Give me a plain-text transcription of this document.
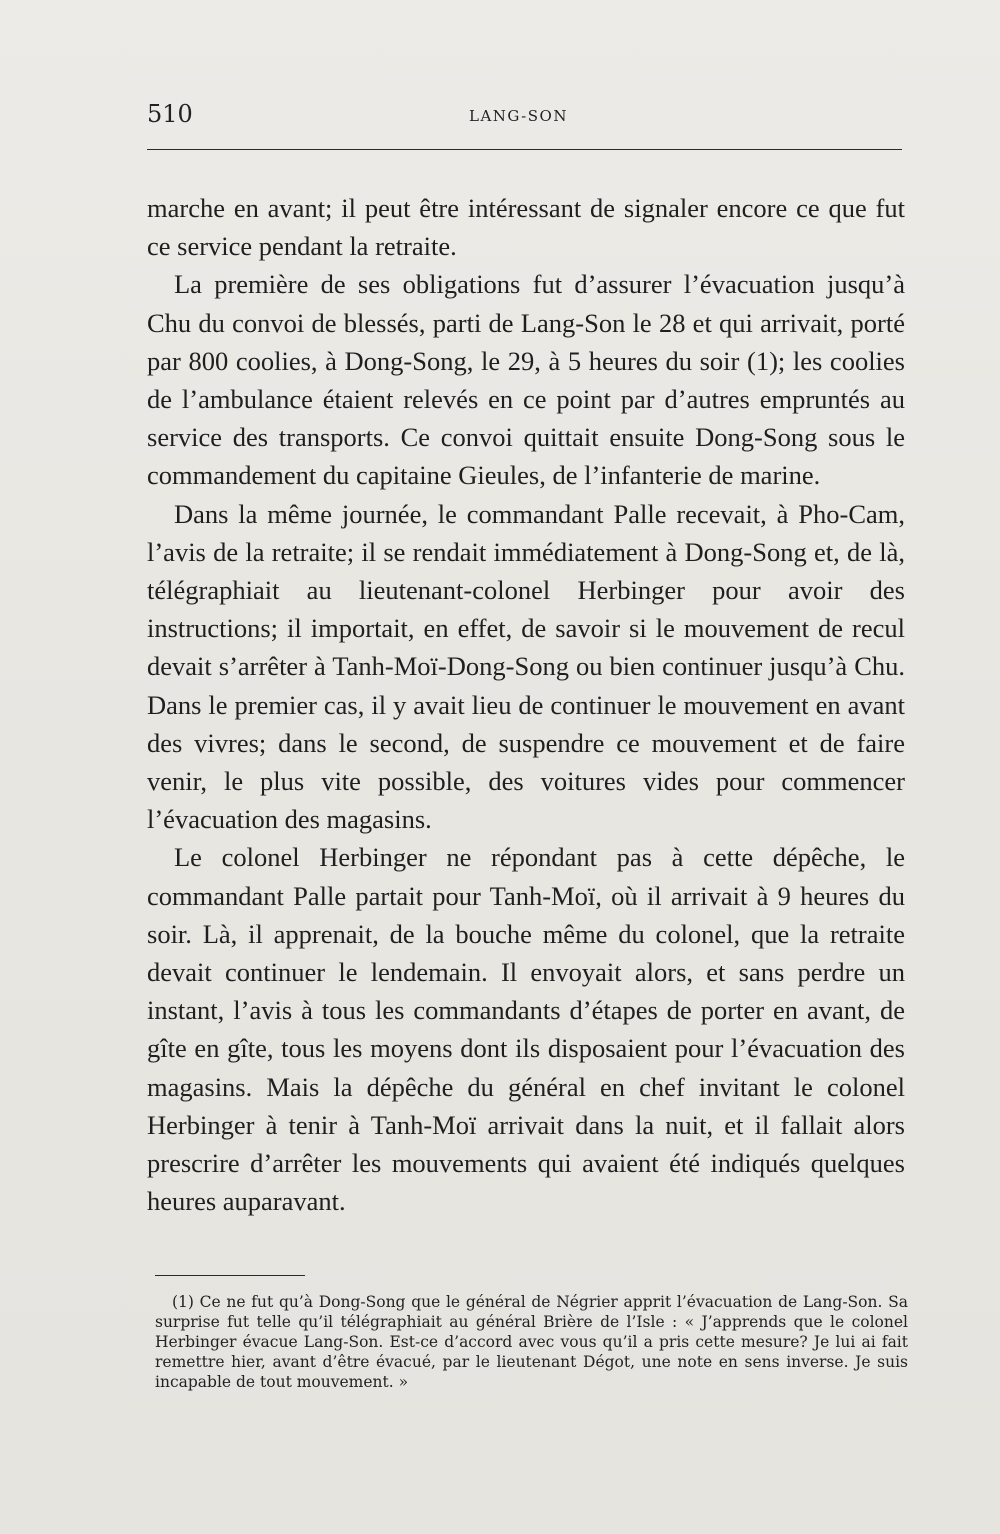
510	LANG-SON

marche en avant; il peut être intéressant de signaler encore ce que fut ce service pendant la retraite.

La première de ses obligations fut d’assurer l’évacuation jusqu’à Chu du convoi de blessés, parti de Lang-Son le 28 et qui arrivait, porté par 800 coolies, à Dong-Song, le 29, à 5 heures du soir (1); les coolies de l’ambulance étaient relevés en ce point par d’autres empruntés au service des transports. Ce convoi quittait ensuite Dong-Song sous le commandement du capitaine Gieules, de l’infanterie de marine.

Dans la même journée, le commandant Palle recevait, à Pho-Cam, l’avis de la retraite; il se rendait immédiatement à Dong-Song et, de là, télégraphiait au lieutenant-colonel Herbinger pour avoir des instructions; il importait, en effet, de savoir si le mouvement de recul devait s’arrêter à Tanh-Moï-Dong-Song ou bien continuer jusqu’à Chu. Dans le premier cas, il y avait lieu de continuer le mouvement en avant des vivres; dans le second, de suspendre ce mouvement et de faire venir, le plus vite possible, des voitures vides pour commencer l’évacuation des magasins.

Le colonel Herbinger ne répondant pas à cette dépêche, le commandant Palle partait pour Tanh-Moï, où il arrivait à 9 heures du soir. Là, il apprenait, de la bouche même du colonel, que la retraite devait continuer le lendemain. Il envoyait alors, et sans perdre un instant, l’avis à tous les commandants d’étapes de porter en avant, de gîte en gîte, tous les moyens dont ils disposaient pour l’évacuation des magasins. Mais la dépêche du général en chef invitant le colonel Herbinger à tenir à Tanh-Moï arrivait dans la nuit, et il fallait alors prescrire d’arrêter les mouvements qui avaient été indiqués quelques heures auparavant.

(1) Ce ne fut qu’à Dong-Song que le général de Négrier apprit l’évacuation de Lang-Son. Sa surprise fut telle qu’il télégraphiait au général Brière de l’Isle : « J’apprends que le colonel Herbinger évacue Lang-Son. Est-ce d’accord avec vous qu’il a pris cette mesure? Je lui ai fait remettre hier, avant d’être évacué, par le lieutenant Dégot, une note en sens inverse. Je suis incapable de tout mouvement. »
